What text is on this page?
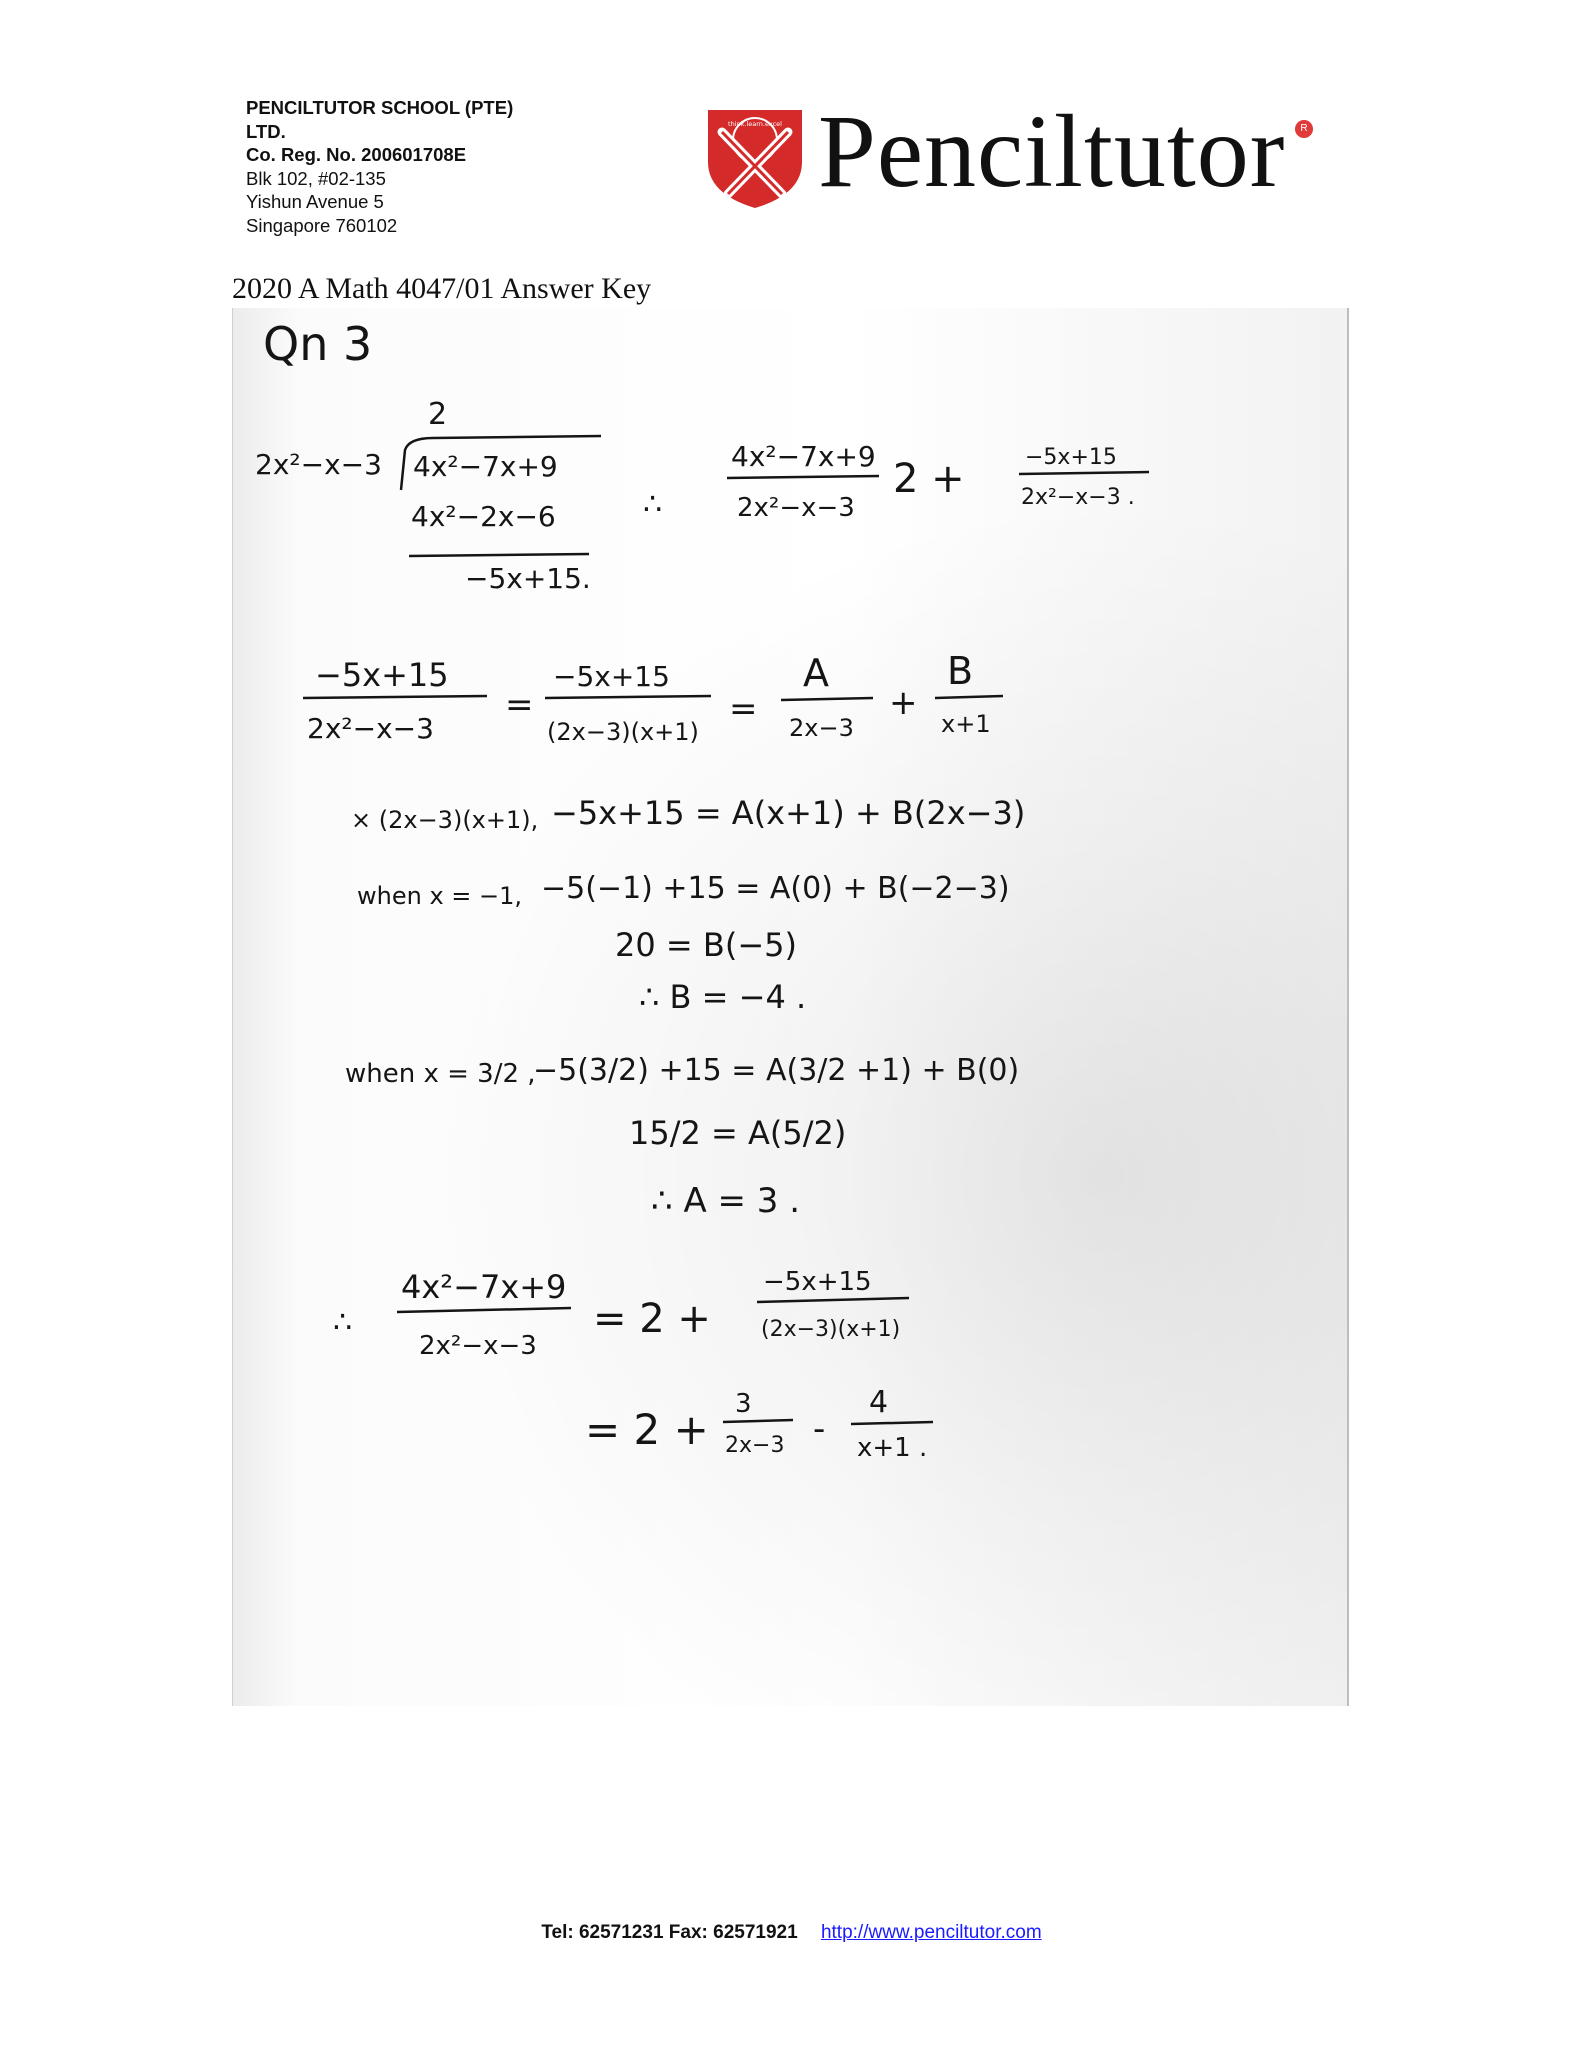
PENCILTUTOR SCHOOL (PTE)
LTD.
Co. Reg. No. 200601708E
Blk 102, #02-135
Yishun Avenue 5
Singapore 760102
think.learn.excel Penciltutor	R
2020 A Math 4047/01 Answer Key
Qn 3
2
2x²−x−3 4x²−7x+9
4x²−2x−6
−5x+15.
∴
4x²−7x+9
2x²−x−3
2 +	−5x+15
2x²−x−3 .
−5x+15
2x²−x−3
=
−5x+15
(2x−3)(x+1)
=
A
2x−3
+
B
x+1
× (2x−3)(x+1), −5x+15 = A(x+1) + B(2x−3)
when x = −1, −5(−1) +15 = A(0) + B(−2−3)
20 = B(−5)
∴ B = −4 .
when x = 3/2 ,
−5(3/2) +15 = A(3/2 +1) + B(0)
15/2 = A(5/2)
∴ A = 3 .
∴
4x²−7x+9
2x²−x−3
= 2 +
−5x+15
(2x−3)(x+1)
= 2 +
3
2x−3 -
4
x+1 .
Tel: 62571231 Fax: 62571921 http://www.penciltutor.com
